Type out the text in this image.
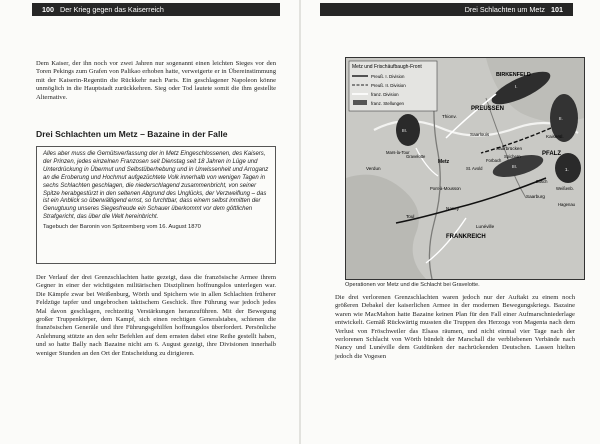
100 Der Krieg gegen das Kaiserreich

Dem Kaiser, der ihn noch vor zwei Jahren nur sogenannt einen leichten Sieges vor den Toren Pekings zum Grafen von Palikao erhoben hatte, verweigerte er in Übereinstimmung mit der Kaiserin-Regentin die Rückkehr nach Paris. Ein geschlagener Napoleon könne unmöglich in die Hauptstadt zurückkehren. Sieg oder Tod lautete somit die ihm gestellte Alternative.

Drei Schlachten um Metz – Bazaine in der Falle
Alles aber muss die Gemütsverfassung der in Metz Eingeschlossenen, des Kaisers, der Prinzen, jedes einzelnen Franzosen seit Dienstag seit 18 Jahren in Lüge und Unterdrückung in Übermut und Selbstüberhebung und in Unwissenheit und Arroganz an die Eroberung und Hochmut aufgezüchtete Volk innerhalb von wenigen Tagen in sechs Schlachten geschlagen, die niederschlagend zusammenbricht, von seiner Spitze herabgestürzt in den seltenen Abgrund des Unglücks, der Verzweiflung – das ist ein Anblick so überwältigend ernst, so furchtbar, dass einem selbst inmitten der Genugtuung unseres Siegesfreude ein Schauer überkommt vor dem göttlichen Strafgericht, das über die Welt hereinbricht.
Tagebuch der Baronin von Spitzemberg vom 16. August 1870

Der Verlauf der drei Grenzschlachten hatte gezeigt, dass die französische Armee ihrem Gegner in einer der wichtigsten militärischen Disziplinen hoffnungslos unterlegen war. Die Kämpfe zwar bei Weißenburg, Wörth und Spichern wie in allen Schlachten früherer Feldzüge tapfer und ungebrochen taktischem Geschick. Ihre Führung war jedoch jedes Mal davon geschlagen, rechtzeitig Verstärkungen heranzuführen. Mit der Bewegung großer Truppenkörper, dem Kampf, sich einen rechtigen Generalstabes, schienen die französischen Generäle und ihre Führungsgehilfen hoffnungslos überfordert. Persönliche Anlehnung stützte an den sehr Befehlen auf dem ernsten dabei eine Reihe gestellt haben, und so hatte Bally nach Bazaine nicht am 6. August gezeigt, ihre Divisionen innerhalb weniger Stunden an den Ort der Entscheidung zu dirigieren.

Drei Schlachten um Metz 101
Metz und Frischäufbaugh-Front
Preuß. I. Division
Preuß. II. Division
franz. Division
franz. Stellungen
I.
II.
III.
1.
III.
BIRKENFELD
PREUSSEN
PFALZ
FRANKREICH
Thionv.
Saarlouis
Saarbrücken
Saarburg
Kaisersl.
Metz
Verdun
Nancy
Lunéville
Toul
Spichern
Forbach
Pont-à-Mousson
St. Avold
Bitsch
Hagenau
Weißenb.
Mars-la-Tour
Gravelotte
Operationen vor Metz und die Schlacht bei Gravelotte.

Die drei verlorenen Grenzschlachten waren jedoch nur der Auftakt zu einem noch größeren Debakel der kaiserlichen Armee in der modernen Bewegungskriegs. Bazaine waren wie MacMahon hatte Bazaine keinen Plan für den Fall einer Aufmarschniederlage entwickelt. Gemäß Rückwärtig mussten die Truppen des Herzogs von Magenta nach dem Verlust von Fröschweiler das Elsass räumen, und nicht einmal vier Tage nach der verlorenen Schlacht von Wörth bündelt der Marschall die verbliebenen Verbände nach Nancy und Lunéville dem Gutdünken der nachrückenden Deutschen. Lassen hielten jedoch die Vogesen
